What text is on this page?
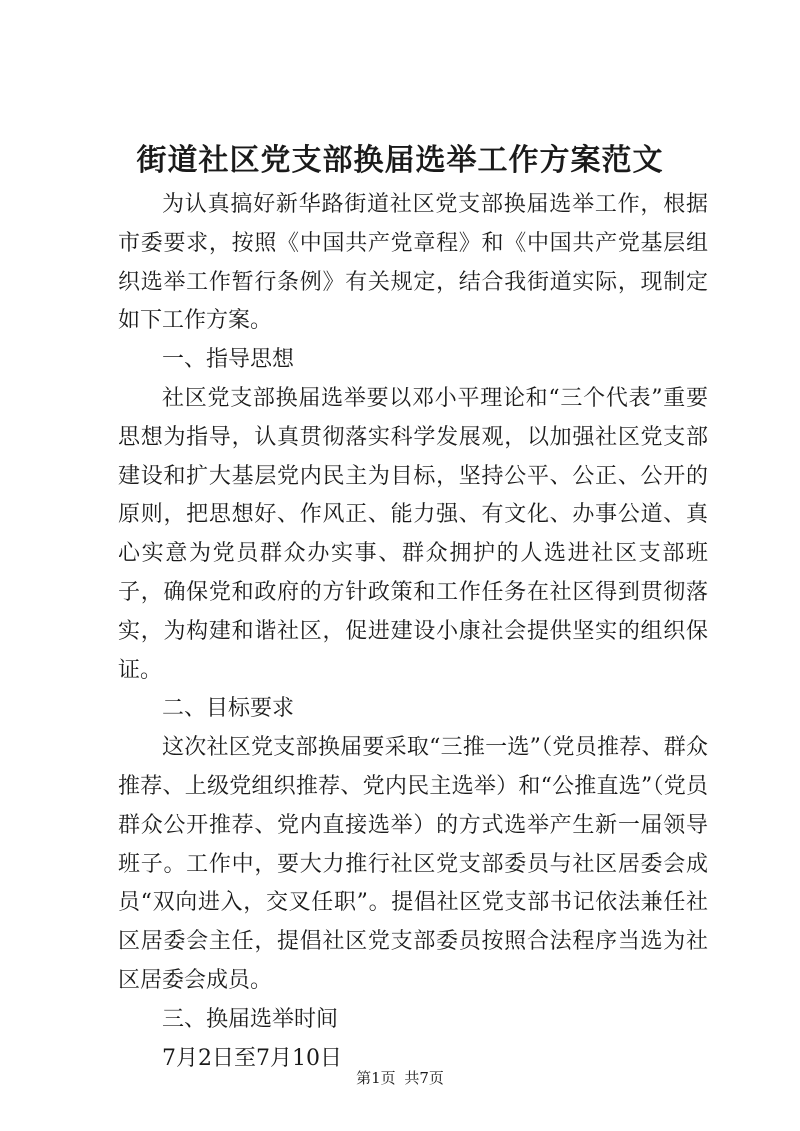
街道社区党支部换届选举工作方案范文

为认真搞好新华路街道社区党支部换届选举工作，根据市委要求，按照《中国共产党章程》和《中国共产党基层组织选举工作暂行条例》有关规定，结合我街道实际，现制定如下工作方案。

一、指导思想

社区党支部换届选举要以邓小平理论和“三个代表”重要思想为指导，认真贯彻落实科学发展观，以加强社区党支部建设和扩大基层党内民主为目标，坚持公平、公正、公开的原则，把思想好、作风正、能力强、有文化、办事公道、真心实意为党员群众办实事、群众拥护的人选进社区支部班子，确保党和政府的方针政策和工作任务在社区得到贯彻落实，为构建和谐社区，促进建设小康社会提供坚实的组织保证。

二、目标要求

这次社区党支部换届要采取“三推一选”（党员推荐、群众推荐、上级党组织推荐、党内民主选举）和“公推直选”（党员群众公开推荐、党内直接选举）的方式选举产生新一届领导班子。工作中，要大力推行社区党支部委员与社区居委会成员“双向进入，交叉任职”。提倡社区党支部书记依法兼任社区居委会主任，提倡社区党支部委员按照合法程序当选为社区居委会成员。

三、换届选举时间

7月2日至7月10日

第1页 共7页
